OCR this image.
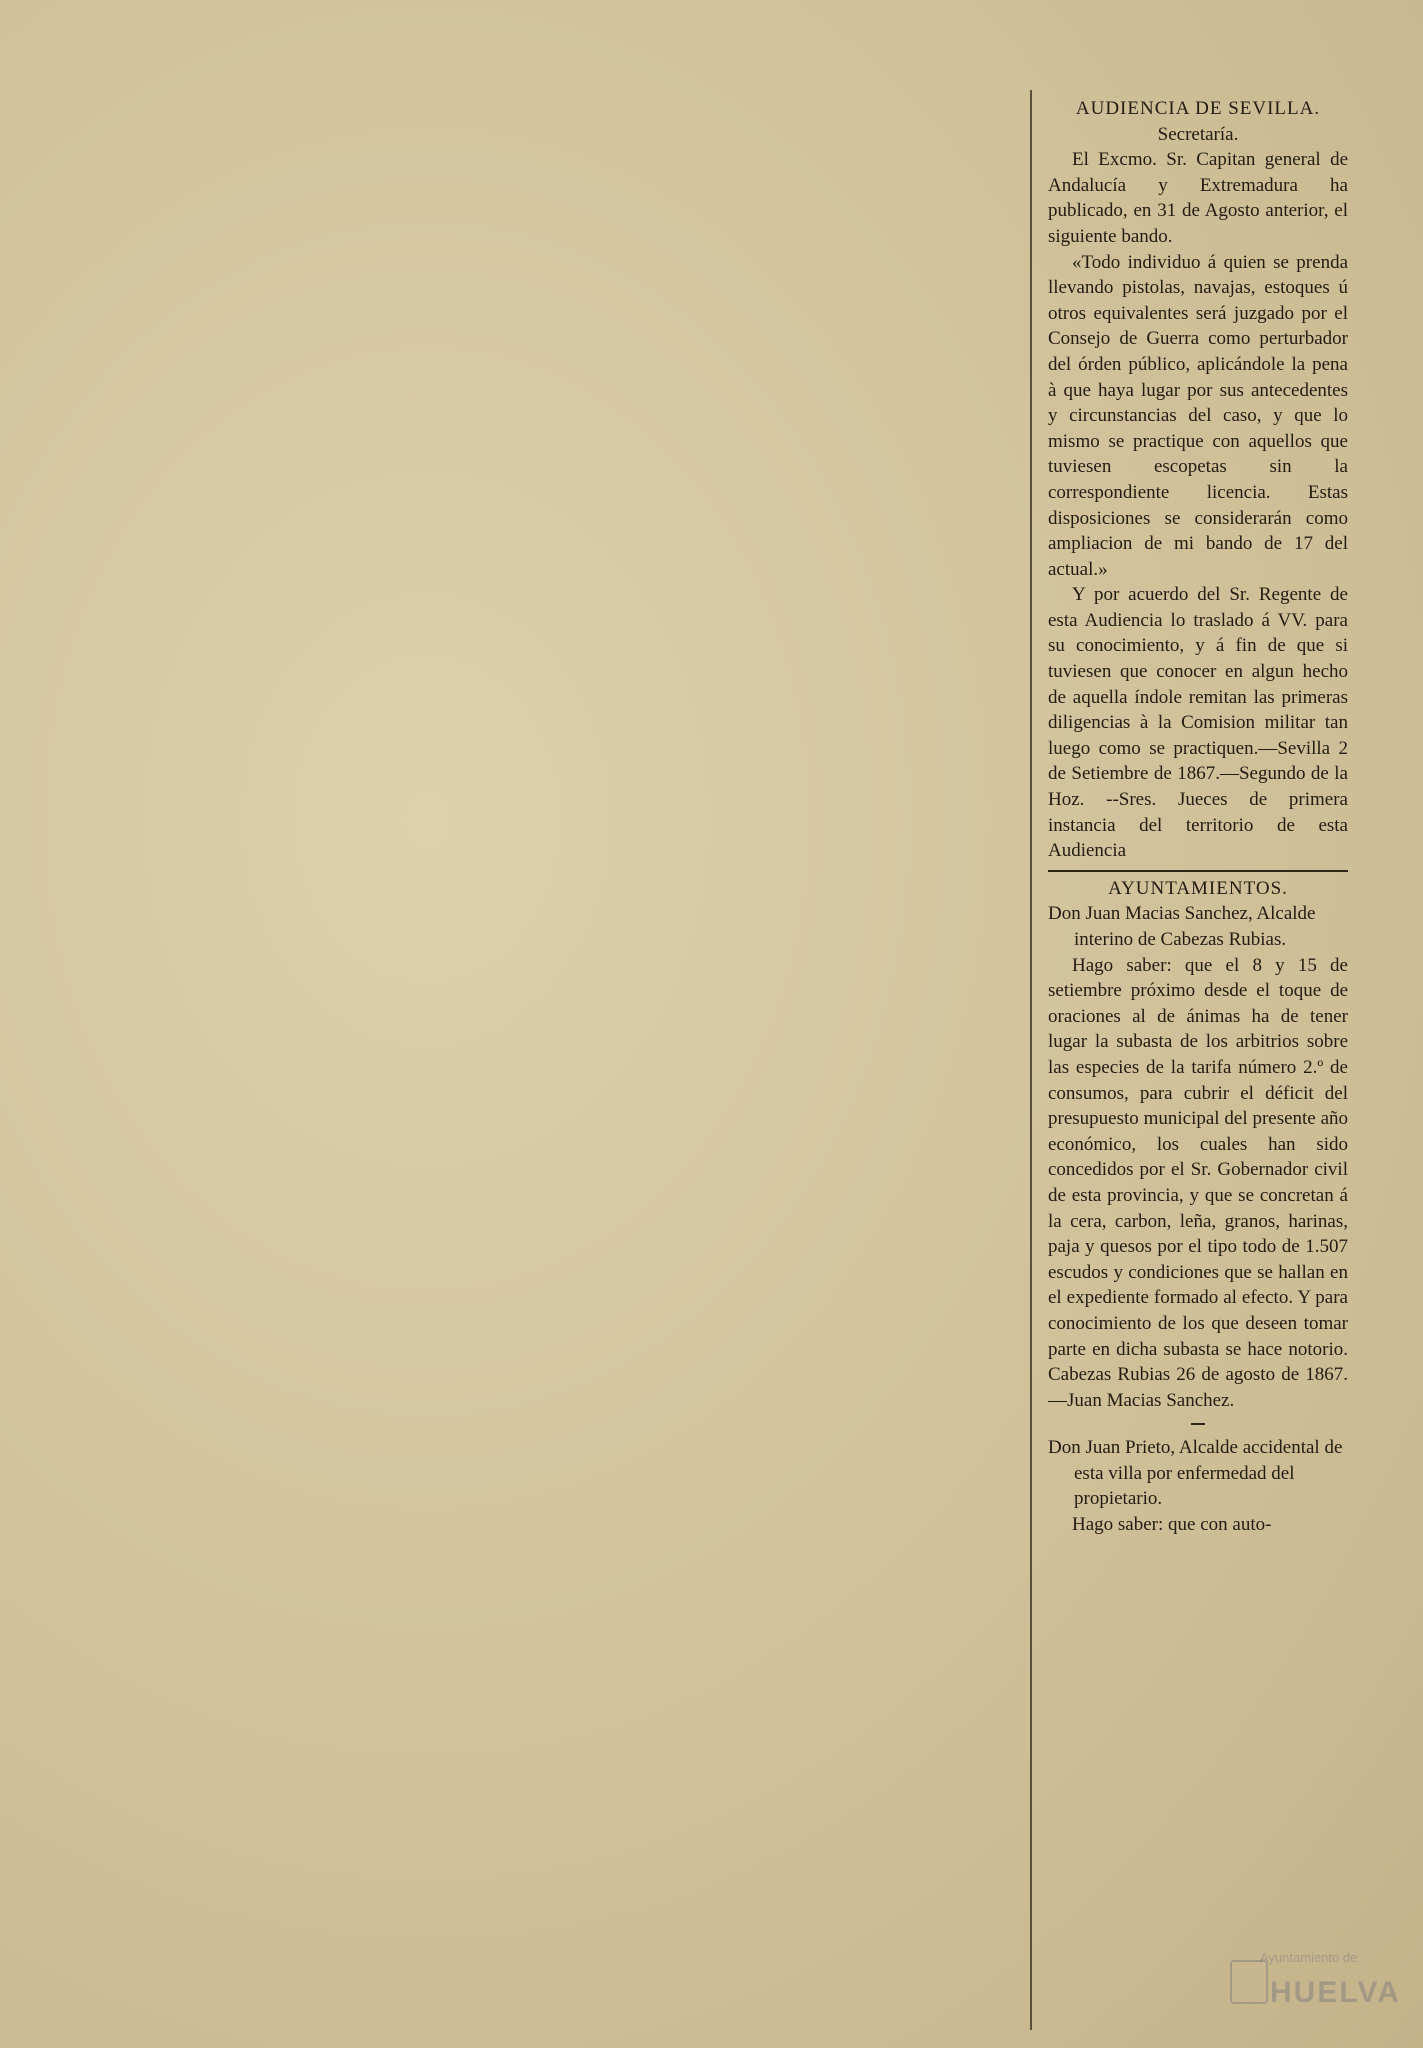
AUDIENCIA DE SEVILLA.
Secretaría.

El Excmo. Sr. Capitan general de Andalucía y Extremadura ha publicado, en 31 de Agosto anterior, el siguiente bando.

«Todo individuo á quien se prenda llevando pistolas, navajas, estoques ú otros equivalentes será juzgado por el Consejo de Guerra como perturbador del órden público, aplicándole la pena à que haya lugar por sus antecedentes y circunstancias del caso, y que lo mismo se practique con aquellos que tuviesen escopetas sin la correspondiente licencia. Estas disposiciones se considerarán como ampliacion de mi bando de 17 del actual.»

Y por acuerdo del Sr. Regente de esta Audiencia lo traslado á VV. para su conocimiento, y á fin de que si tuviesen que conocer en algun hecho de aquella índole remitan las primeras diligencias à la Comision militar tan luego como se practiquen.—Sevilla 2 de Setiembre de 1867.—Segundo de la Hoz. --Sres. Jueces de primera instancia del territorio de esta Audiencia

AYUNTAMIENTOS.

Don Juan Macias Sanchez, Alcalde interino de Cabezas Rubias.

Hago saber: que el 8 y 15 de setiembre próximo desde el toque de oraciones al de ánimas ha de tener lugar la subasta de los arbitrios sobre las especies de la tarifa número 2.º de consumos, para cubrir el déficit del presupuesto municipal del presente año económico, los cuales han sido concedidos por el Sr. Gobernador civil de esta provincia, y que se concretan á la cera, carbon, leña, granos, harinas, paja y quesos por el tipo todo de 1.507 escudos y condiciones que se hallan en el expediente formado al efecto. Y para conocimiento de los que deseen tomar parte en dicha subasta se hace notorio. Cabezas Rubias 26 de agosto de 1867.—Juan Macias Sanchez.

Don Juan Prieto, Alcalde accidental de esta villa por enfermedad del propietario.

Hago saber: que con auto-

Ayuntamiento de
HUELVA
